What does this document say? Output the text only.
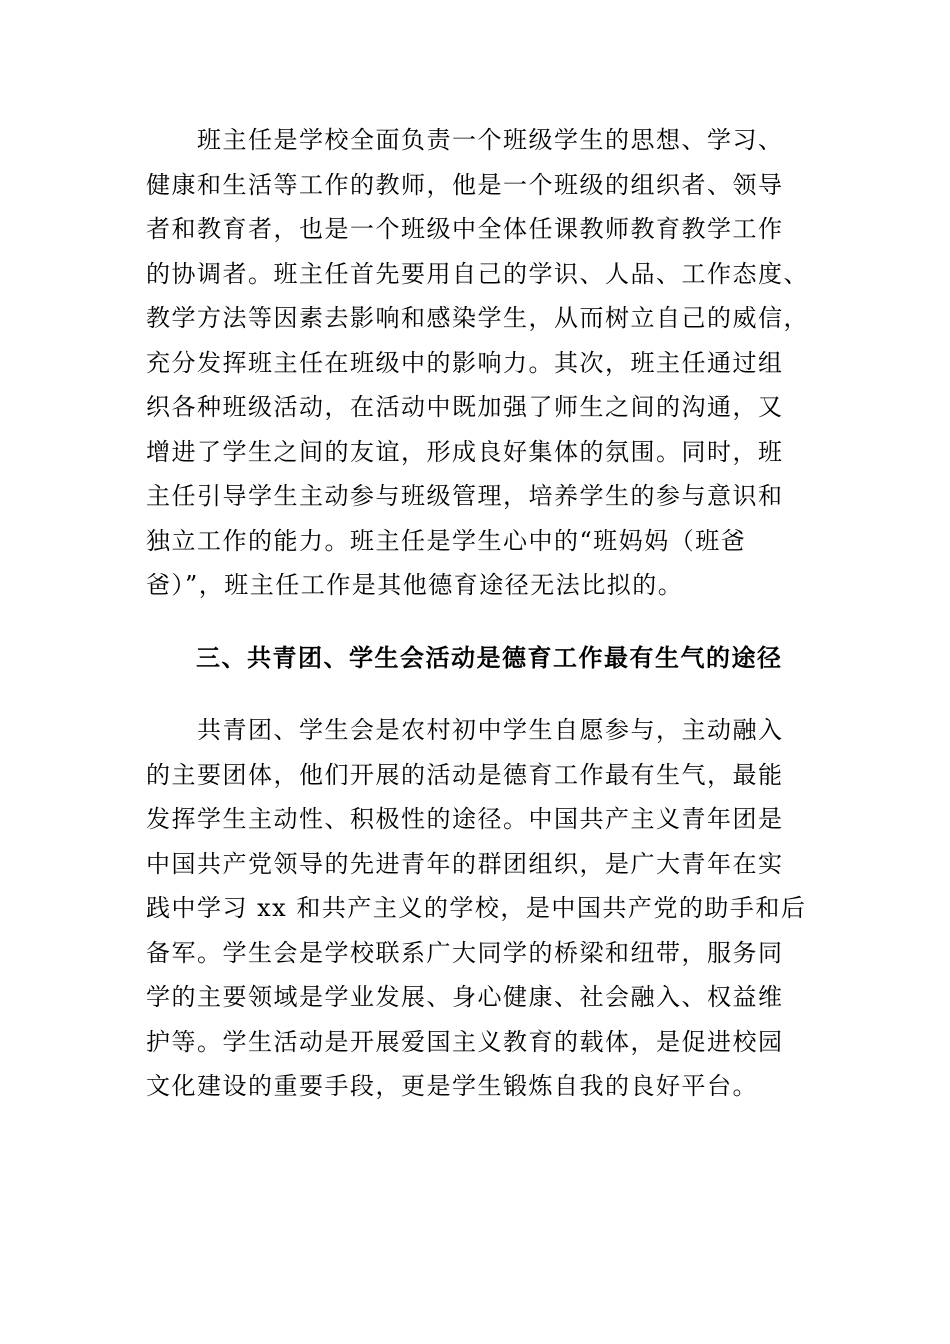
　　班主任是学校全面负责一个班级学生的思想、学习、
健康和生活等工作的教师，他是一个班级的组织者、领导
者和教育者，也是一个班级中全体任课教师教育教学工作
的协调者。班主任首先要用自己的学识、人品、工作态度、
教学方法等因素去影响和感染学生，从而树立自己的威信，
充分发挥班主任在班级中的影响力。其次，班主任通过组
织各种班级活动，在活动中既加强了师生之间的沟通，又
增进了学生之间的友谊，形成良好集体的氛围。同时，班
主任引导学生主动参与班级管理，培养学生的参与意识和
独立工作的能力。班主任是学生心中的“班妈妈（班爸
爸）”，班主任工作是其他德育途径无法比拟的。
三、共青团、学生会活动是德育工作最有生气的途径
　　共青团、学生会是农村初中学生自愿参与，主动融入
的主要团体，他们开展的活动是德育工作最有生气，最能
发挥学生主动性、积极性的途径。中国共产主义青年团是
中国共产党领导的先进青年的群团组织，是广大青年在实
践中学习 xx 和共产主义的学校，是中国共产党的助手和后
备军。学生会是学校联系广大同学的桥梁和纽带，服务同
学的主要领域是学业发展、身心健康、社会融入、权益维
护等。学生活动是开展爱国主义教育的载体，是促进校园
文化建设的重要手段，更是学生锻炼自我的良好平台。
